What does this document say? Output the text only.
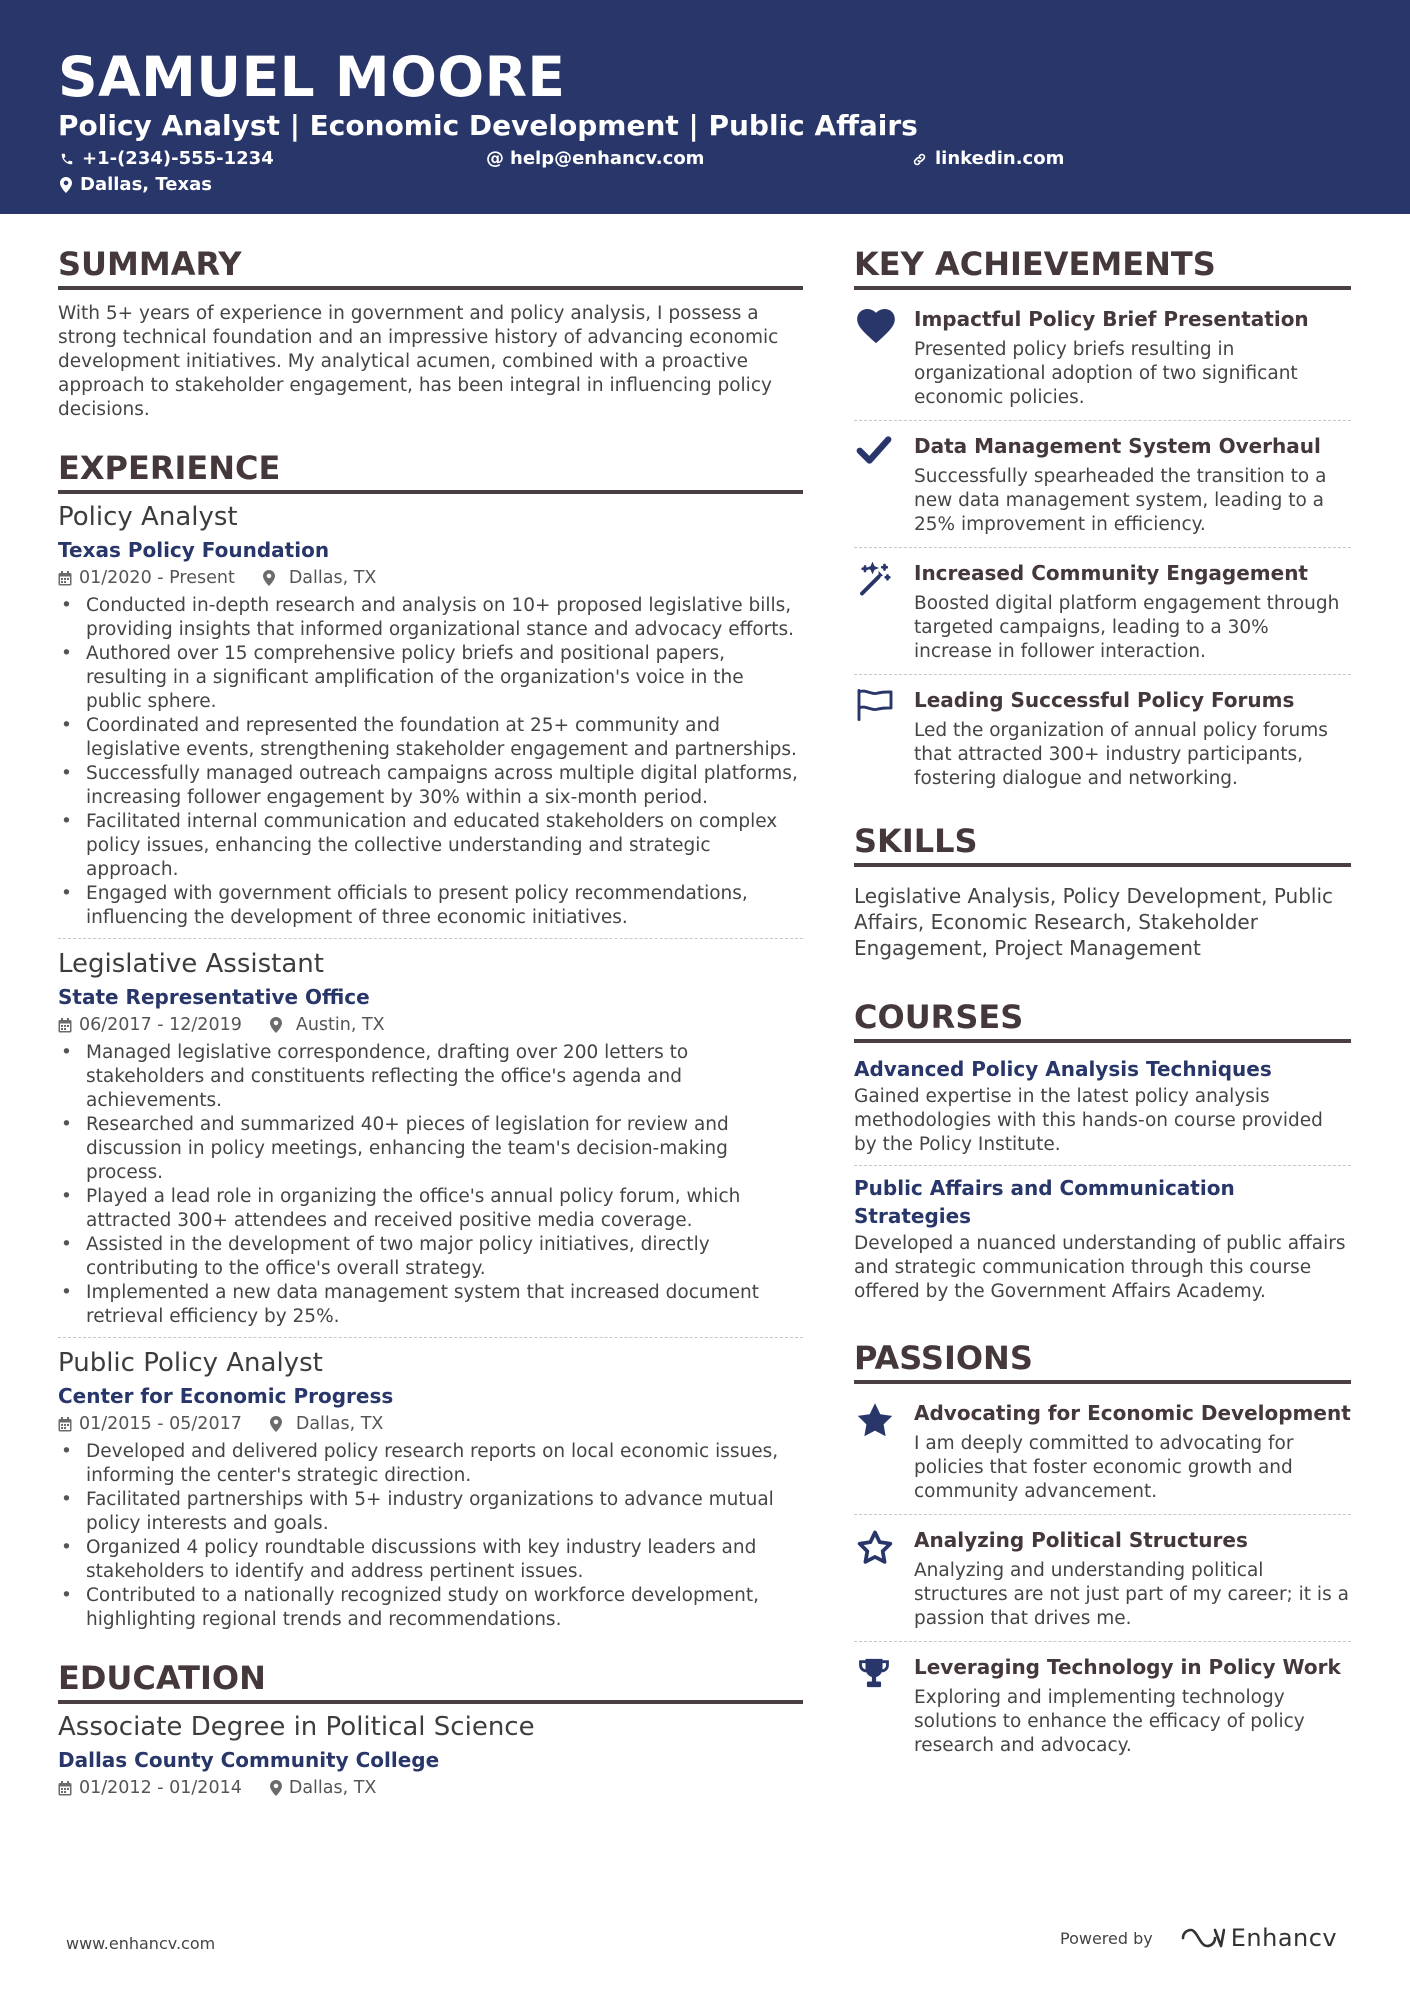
SAMUEL MOORE
Policy Analyst | Economic Development | Public Affairs
+1-(234)-555-1234	@ help@enhancv.com	linkedin.com
Dallas, Texas
SUMMARY
With 5+ years of experience in government and policy analysis, I possess a strong technical foundation and an impressive history of advancing economic development initiatives. My analytical acumen, combined with a proactive approach to stakeholder engagement, has been integral in influencing policy decisions.
EXPERIENCE
Policy Analyst
Texas Policy Foundation
01/2020 - Present	Dallas, TX
• Conducted in-depth research and analysis on 10+ proposed legislative bills, providing insights that informed organizational stance and advocacy efforts.
• Authored over 15 comprehensive policy briefs and positional papers, resulting in a significant amplification of the organization's voice in the public sphere.
• Coordinated and represented the foundation at 25+ community and legislative events, strengthening stakeholder engagement and partnerships.
• Successfully managed outreach campaigns across multiple digital platforms, increasing follower engagement by 30% within a six-month period.
• Facilitated internal communication and educated stakeholders on complex policy issues, enhancing the collective understanding and strategic approach.
• Engaged with government officials to present policy recommendations, influencing the development of three economic initiatives.
Legislative Assistant
State Representative Office
06/2017 - 12/2019	Austin, TX
• Managed legislative correspondence, drafting over 200 letters to stakeholders and constituents reflecting the office's agenda and achievements.
• Researched and summarized 40+ pieces of legislation for review and discussion in policy meetings, enhancing the team's decision-making process.
• Played a lead role in organizing the office's annual policy forum, which attracted 300+ attendees and received positive media coverage.
• Assisted in the development of two major policy initiatives, directly contributing to the office's overall strategy.
• Implemented a new data management system that increased document retrieval efficiency by 25%.
Public Policy Analyst
Center for Economic Progress
01/2015 - 05/2017	Dallas, TX
• Developed and delivered policy research reports on local economic issues, informing the center's strategic direction.
• Facilitated partnerships with 5+ industry organizations to advance mutual policy interests and goals.
• Organized 4 policy roundtable discussions with key industry leaders and stakeholders to identify and address pertinent issues.
• Contributed to a nationally recognized study on workforce development, highlighting regional trends and recommendations.
EDUCATION
Associate Degree in Political Science
Dallas County Community College
01/2012 - 01/2014	Dallas, TX
KEY ACHIEVEMENTS
Impactful Policy Brief Presentation
Presented policy briefs resulting in organizational adoption of two significant economic policies.
Data Management System Overhaul
Successfully spearheaded the transition to a new data management system, leading to a 25% improvement in efficiency.
Increased Community Engagement
Boosted digital platform engagement through targeted campaigns, leading to a 30% increase in follower interaction.
Leading Successful Policy Forums
Led the organization of annual policy forums that attracted 300+ industry participants, fostering dialogue and networking.
SKILLS
Legislative Analysis, Policy Development, Public Affairs, Economic Research, Stakeholder Engagement, Project Management
COURSES
Advanced Policy Analysis Techniques
Gained expertise in the latest policy analysis methodologies with this hands-on course provided by the Policy Institute.
Public Affairs and Communication Strategies
Developed a nuanced understanding of public affairs and strategic communication through this course offered by the Government Affairs Academy.
PASSIONS
Advocating for Economic Development
I am deeply committed to advocating for policies that foster economic growth and community advancement.
Analyzing Political Structures
Analyzing and understanding political structures are not just part of my career; it is a passion that drives me.
Leveraging Technology in Policy Work
Exploring and implementing technology solutions to enhance the efficacy of policy research and advocacy.
www.enhancv.com	Powered by	Enhancv
